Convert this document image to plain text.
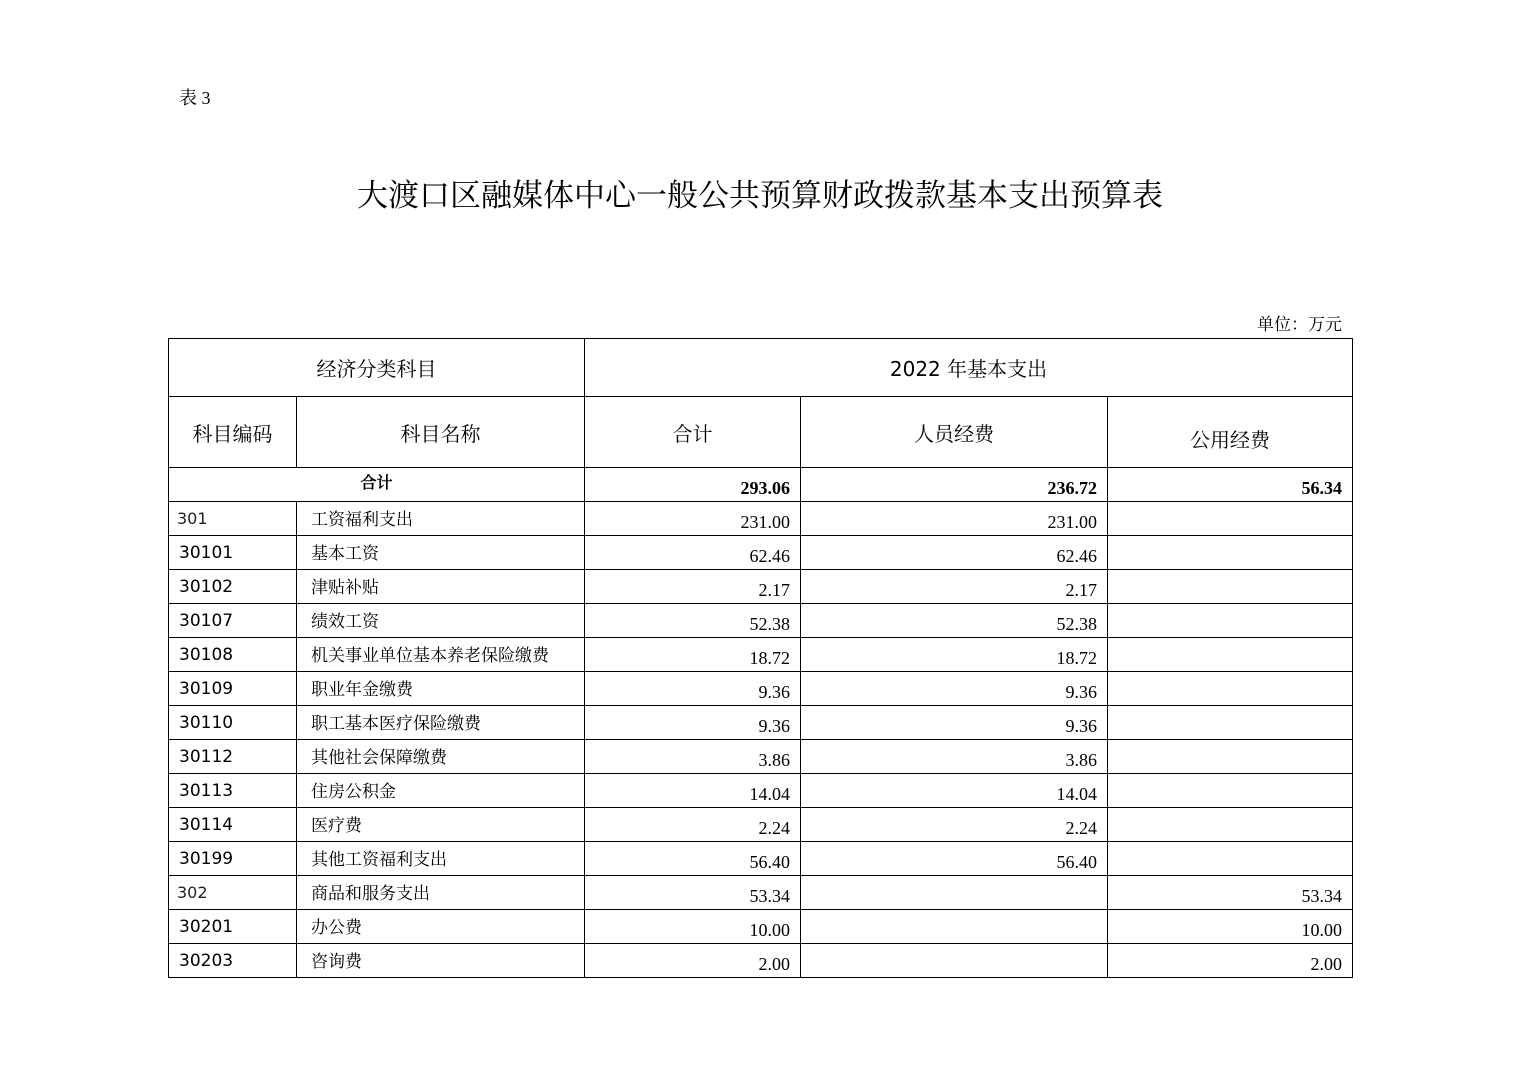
表 3
大渡口区融媒体中心一般公共预算财政拨款基本支出预算表
单位：万元
经济分类科目		2022 年基本支出		
科目编码	科目名称	合计	人员经费	公用经费
合计		293.06	236.72	56.34
301	工资福利支出	231.00	231.00	
30101	基本工资	62.46	62.46	
30102	津贴补贴	2.17	2.17	
30107	绩效工资	52.38	52.38	
30108	机关事业单位基本养老保险缴费	18.72	18.72	
30109	职业年金缴费	9.36	9.36	
30110	职工基本医疗保险缴费	9.36	9.36	
30112	其他社会保障缴费	3.86	3.86	
30113	住房公积金	14.04	14.04	
30114	医疗费	2.24	2.24	
30199	其他工资福利支出	56.40	56.40	
302	商品和服务支出	53.34		53.34
30201	办公费	10.00		10.00
30203	咨询费	2.00		2.00
